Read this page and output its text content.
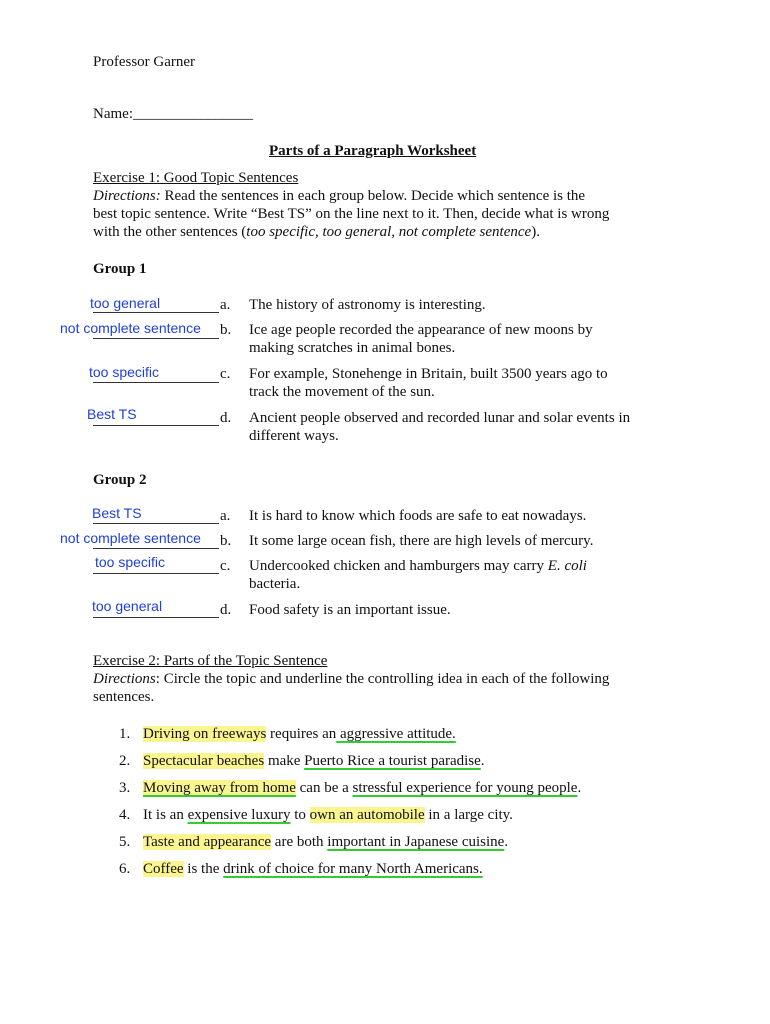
Professor Garner
Name:________________
Parts of a Paragraph Worksheet
Exercise 1: Good Topic Sentences
Directions: Read the sentences in each group below. Decide which sentence is the
best topic sentence. Write “Best TS” on the line next to it. Then, decide what is wrong
with the other sentences (too specific, too general, not complete sentence).
Group 1
too general	a.	The history of astronomy is interesting.
not complete sentence b.	Ice age people recorded the appearance of new moons by
making scratches in animal bones.
too specific	c.	For example, Stonehenge in Britain, built 3500 years ago to
track the movement of the sun.
Best TS	d.	Ancient people observed and recorded lunar and solar events in
different ways.
Group 2
Best TS	a.	It is hard to know which foods are safe to eat nowadays.
not complete sentence b.	It some large ocean fish, there are high levels of mercury.
too specific	c.	Undercooked chicken and hamburgers may carry E. coli
bacteria.
too general	d.	Food safety is an important issue.
Exercise 2: Parts of the Topic Sentence
Directions: Circle the topic and underline the controlling idea in each of the following
sentences.
1. Driving on freeways requires an aggressive attitude.
2. Spectacular beaches make Puerto Rice a tourist paradise.
3. Moving away from home can be a stressful experience for young people.
4. It is an expensive luxury to own an automobile in a large city.
5. Taste and appearance are both important in Japanese cuisine.
6. Coffee is the drink of choice for many North Americans.
